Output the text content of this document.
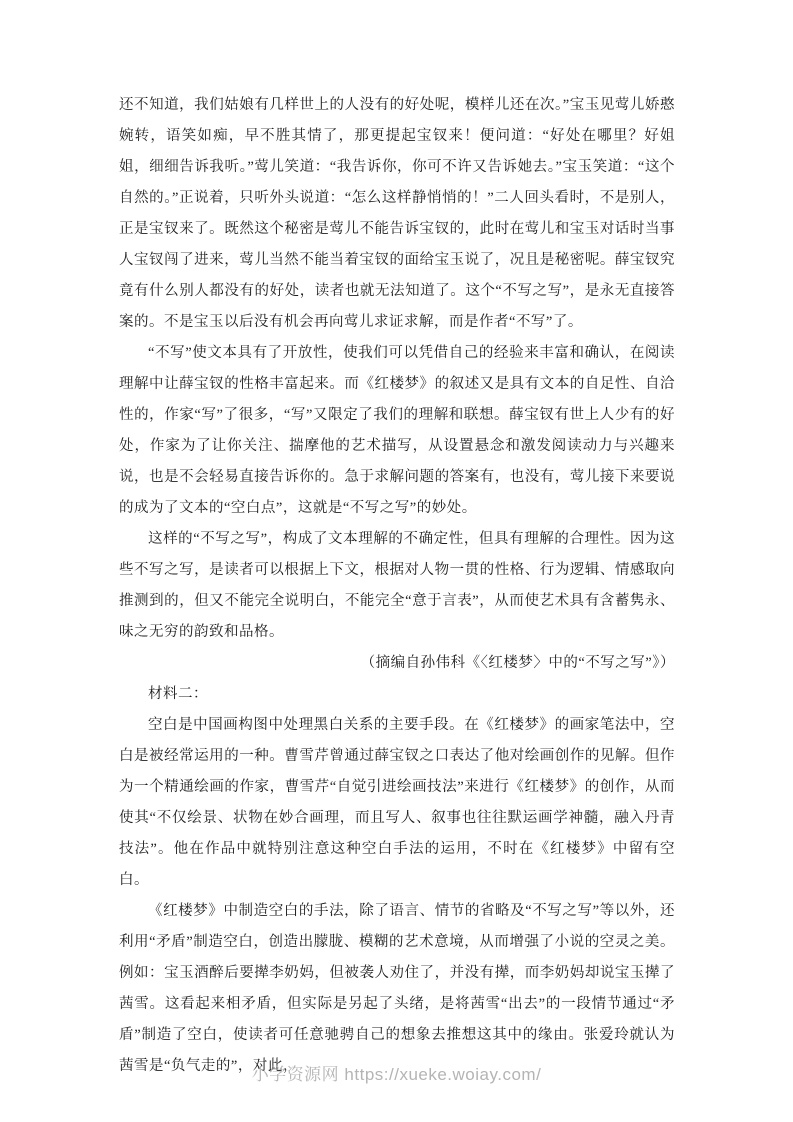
还不知道，我们姑娘有几样世上的人没有的好处呢，模样儿还在次。”宝玉见莺儿娇憨婉转，语笑如痴，早不胜其情了，那更提起宝钗来！便问道：“好处在哪里？好姐姐，细细告诉我听。”莺儿笑道：“我告诉你，你可不许又告诉她去。”宝玉笑道：“这个自然的。”正说着，只听外头说道：“怎么这样静悄悄的！”二人回头看时，不是别人，正是宝钗来了。既然这个秘密是莺儿不能告诉宝钗的，此时在莺儿和宝玉对话时当事人宝钗闯了进来，莺儿当然不能当着宝钗的面给宝玉说了，况且是秘密呢。薛宝钗究竟有什么别人都没有的好处，读者也就无法知道了。这个“不写之写”，是永无直接答案的。不是宝玉以后没有机会再向莺儿求证求解，而是作者“不写”了。

“不写”使文本具有了开放性，使我们可以凭借自己的经验来丰富和确认，在阅读理解中让薛宝钗的性格丰富起来。而《红楼梦》的叙述又是具有文本的自足性、自洽性的，作家“写”了很多，“写”又限定了我们的理解和联想。薛宝钗有世上人少有的好处，作家为了让你关注、揣摩他的艺术描写，从设置悬念和激发阅读动力与兴趣来说，也是不会轻易直接告诉你的。急于求解问题的答案有，也没有，莺儿接下来要说的成为了文本的“空白点”，这就是“不写之写”的妙处。

这样的“不写之写”，构成了文本理解的不确定性，但具有理解的合理性。因为这些不写之写，是读者可以根据上下文，根据对人物一贯的性格、行为逻辑、情感取向推测到的，但又不能完全说明白，不能完全“意于言表”，从而使艺术具有含蓄隽永、味之无穷的韵致和品格。

（摘编自孙伟科《〈红楼梦〉中的“不写之写”》）

材料二：

空白是中国画构图中处理黑白关系的主要手段。在《红楼梦》的画家笔法中，空白是被经常运用的一种。曹雪芹曾通过薛宝钗之口表达了他对绘画创作的见解。但作为一个精通绘画的作家，曹雪芹“自觉引进绘画技法”来进行《红楼梦》的创作，从而使其“不仅绘景、状物在妙合画理，而且写人、叙事也往往默运画学神髓，融入丹青技法”。他在作品中就特别注意这种空白手法的运用，不时在《红楼梦》中留有空白。

《红楼梦》中制造空白的手法，除了语言、情节的省略及“不写之写”等以外，还利用“矛盾”制造空白，创造出朦胧、模糊的艺术意境，从而增强了小说的空灵之美。例如：宝玉酒醉后要撵李奶妈，但被袭人劝住了，并没有撵，而李奶妈却说宝玉撵了茜雪。这看起来相矛盾，但实际是另起了头绪，是将茜雪“出去”的一段情节通过“矛盾”制造了空白，使读者可任意驰骋自己的想象去推想这其中的缘由。张爱玲就认为茜雪是“负气走的”，对此，

小学资源网 https://xueke.woiay.com/
